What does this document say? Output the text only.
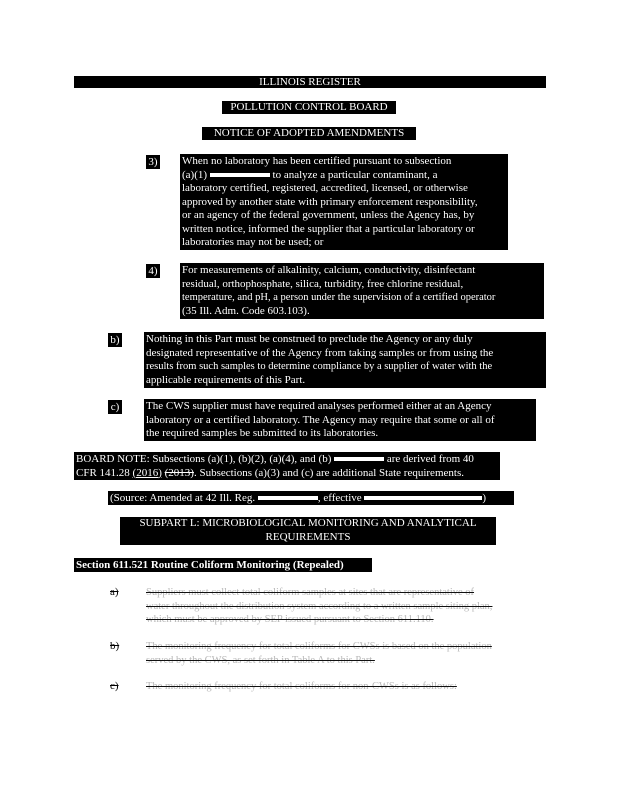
ILLINOIS REGISTER
POLLUTION CONTROL BOARD
NOTICE OF ADOPTED AMENDMENTS
3) When no laboratory has been certified pursuant to subsection
(a)(1)	to analyze a particular contaminant, a
laboratory certified, registered, accredited, licensed, or otherwise
approved by another state with primary enforcement responsibility,
or an agency of the federal government, unless the Agency has, by
written notice, informed the supplier that a particular laboratory or
laboratories may not be used; or
4) For measurements of alkalinity, calcium, conductivity, disinfectant
residual, orthophosphate, silica, turbidity, free chlorine residual,
temperature, and pH, a person under the supervision of a certified operator
(35 Ill. Adm. Code 603.103).
b) Nothing in this Part must be construed to preclude the Agency or any duly
designated representative of the Agency from taking samples or from using the
results from such samples to determine compliance by a supplier of water with the
applicable requirements of this Part.
c) The CWS supplier must have required analyses performed either at an Agency
laboratory or a certified laboratory. The Agency may require that some or all of
the required samples be submitted to its laboratories.
BOARD NOTE: Subsections (a)(1), (b)(2), (a)(4), and (b)	are derived from 40
CFR 141.28 (2016) (2013). Subsections (a)(3) and (c) are additional State requirements.
(Source: Amended at 42 Ill. Reg.	, effective	)
SUBPART L: MICROBIOLOGICAL MONITORING AND ANALYTICAL
REQUIREMENTS
Section 611.521 Routine Coliform Monitoring (Repealed)
a)	Suppliers must collect total coliform samples at sites that are representative of
water throughout the distribution system according to a written sample siting plan,
which must be approved by SEP issued pursuant to Section 611.110.
b)	The monitoring frequency for total coliforms for CWSs is based on the population
served by the CWS, as set forth in Table A to this Part.
c)	The monitoring frequency for total coliforms for non-CWSs is as follows:
